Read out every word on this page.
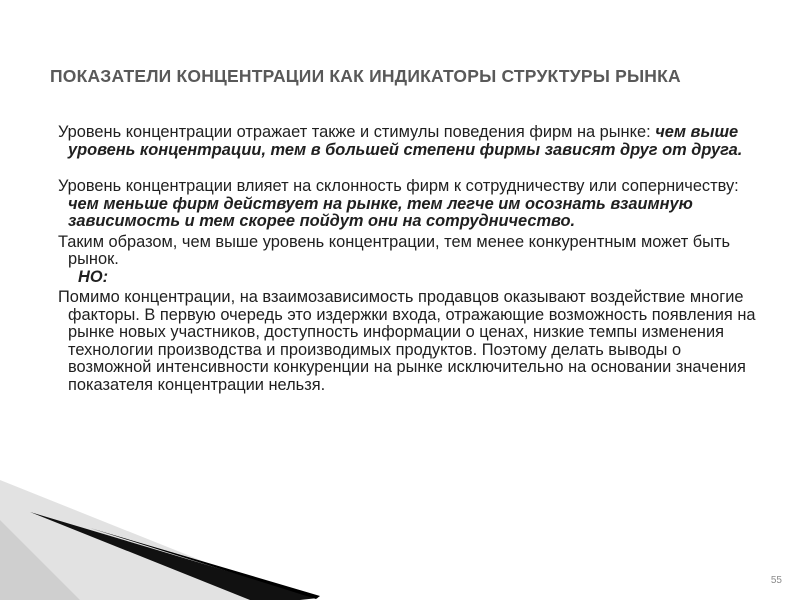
ПОКАЗАТЕЛИ КОНЦЕНТРАЦИИ КАК ИНДИКАТОРЫ СТРУКТУРЫ РЫНКА

Уровень концентрации отражает также и стимулы поведения фирм на рынке: чем выше уровень концентрации, тем в большей степени фирмы зависят друг от друга.

Уровень концентрации влияет на склонность фирм к сотрудничеству или соперничеству: чем меньше фирм действует на рынке, тем легче им осознать взаимную зависимость и тем скорее пойдут они на сотрудничество.

Таким образом, чем выше уровень концентрации, тем менее конкурентным может быть рынок.
НО:

Помимо концентрации, на взаимозависимость продавцов оказывают воздействие многие факторы. В первую очередь это издержки входа, отражающие возможность появления на рынке новых участников, доступность информации о ценах, низкие темпы изменения технологии производства и производимых продуктов. Поэтому делать выводы о возможной интенсивности конкуренции на рынке исключительно на основании значения показателя концентрации нельзя.

55
